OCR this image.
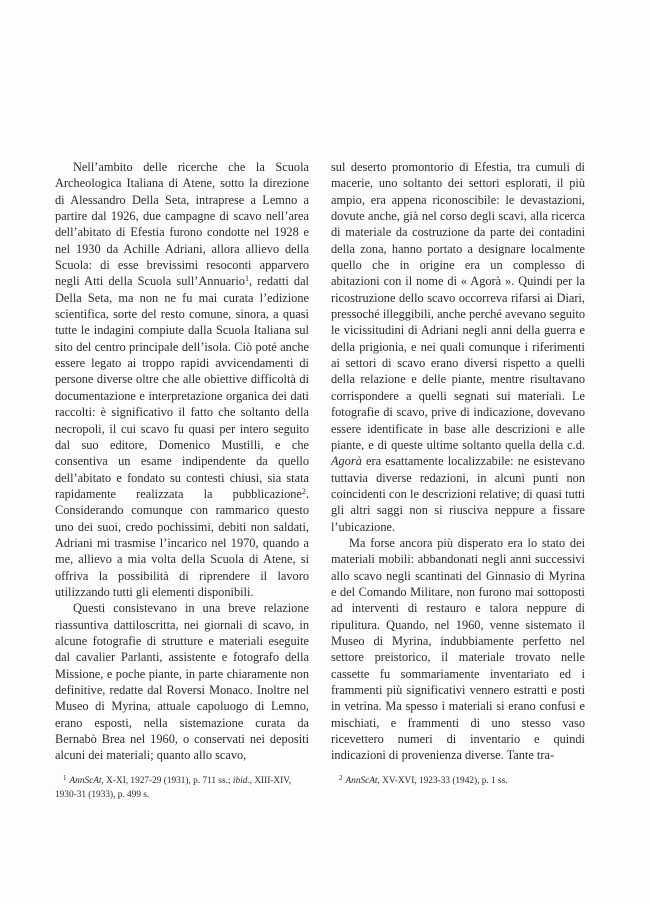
Nell’ambito delle ricerche che la Scuola Archeologica Italiana di Atene, sotto la direzione di Alessandro Della Seta, intraprese a Lemno a partire dal 1926, due campagne di scavo nell’area dell’abitato di Efestia furono condotte nel 1928 e nel 1930 da Achille Adriani, allora allievo della Scuola: di esse brevissimi resoconti apparvero negli Atti della Scuola sull’Annuario$^1$, redatti dal Della Seta, ma non ne fu mai curata l’edizione scientifica, sorte del resto comune, sinora, a quasi tutte le indagini compiute dalla Scuola Italiana sul sito del centro principale dell’isola. Ciò poté anche essere legato ai troppo rapidi avvicendamenti di persone diverse oltre che alle obiettive difficoltà di documentazione e interpretazione organica dei dati raccolti: è significativo il fatto che soltanto della necropoli, il cui scavo fu quasi per intero seguito dal suo editore, Domenico Mustilli, e che consentiva un esame indipendente da quello dell’abitato e fondato su contesti chiusi, sia stata rapidamente realizzata la pubblicazione$^2$. Considerando comunque con rammarico questo uno dei suoi, credo pochissimi, debiti non saldati, Adriani mi trasmise l’incarico nel 1970, quando a me, allievo a mia volta della Scuola di Atene, si offriva la possibilità di riprendere il lavoro utilizzando tutti gli elementi disponibili.

Questi consistevano in una breve relazione riassuntiva dattiloscritta, nei giornali di scavo, in alcune fotografie di strutture e materiali eseguite dal cavalier Parlanti, assistente e fotografo della Missione, e poche piante, in parte chiaramente non definitive, redatte dal Roversi Monaco. Inoltre nel Museo di Myrina, attuale capoluogo di Lemno, erano esposti, nella sistemazione curata da Bernabò Brea nel 1960, o conservati nei depositi alcuni dei materiali; quanto allo scavo,

sul deserto promontorio di Efestia, tra cumuli di macerie, uno soltanto dei settori esplorati, il più ampio, era appena riconoscibile: le devastazioni, dovute anche, già nel corso degli scavi, alla ricerca di materiale da costruzione da parte dei contadini della zona, hanno portato a designare localmente quello che in origine era un complesso di abitazioni con il nome di « Agorà ». Quindi per la ricostruzione dello scavo occorreva rifarsi ai Diari, pressoché illeggibili, anche perché avevano seguito le vicissitudini di Adriani negli anni della guerra e della prigionia, e nei quali comunque i riferimenti ai settori di scavo erano diversi rispetto a quelli della relazione e delle piante, mentre risultavano corrispondere a quelli segnati sui materiali. Le fotografie di scavo, prive di indicazione, dovevano essere identificate in base alle descrizioni e alle piante, e di queste ultime soltanto quella della c.d. Agorà era esattamente localizzabile: ne esistevano tuttavia diverse redazioni, in alcuni punti non coincidenti con le descrizioni relative; di quasi tutti gli altri saggi non si riusciva neppure a fissare l’ubicazione.

Ma forse ancora più disperato era lo stato dei materiali mobili: abbandonati negli anni successivi allo scavo negli scantinati del Ginnasio di Myrina e del Comando Militare, non furono mai sottoposti ad interventi di restauro e talora neppure di ripulitura. Quando, nel 1960, venne sistemato il Museo di Myrina, indubbiamente perfetto nel settore preistorico, il materiale trovato nelle cassette fu sommariamente inventariato ed i frammenti più significativi vennero estratti e posti in vetrina. Ma spesso i materiali si erano confusi e mischiati, e frammenti di uno stesso vaso ricevettero numeri di inventario e quindi indicazioni di provenienza diverse. Tante tra-

$^1$ AnnScAt, X-XI, 1927-29 (1931), p. 711 ss.; ibid., XIII-XIV, 1930-31 (1933), p. 499 s.
$^2$ AnnScAt, XV-XVI, 1923-33 (1942), p. 1 ss.
